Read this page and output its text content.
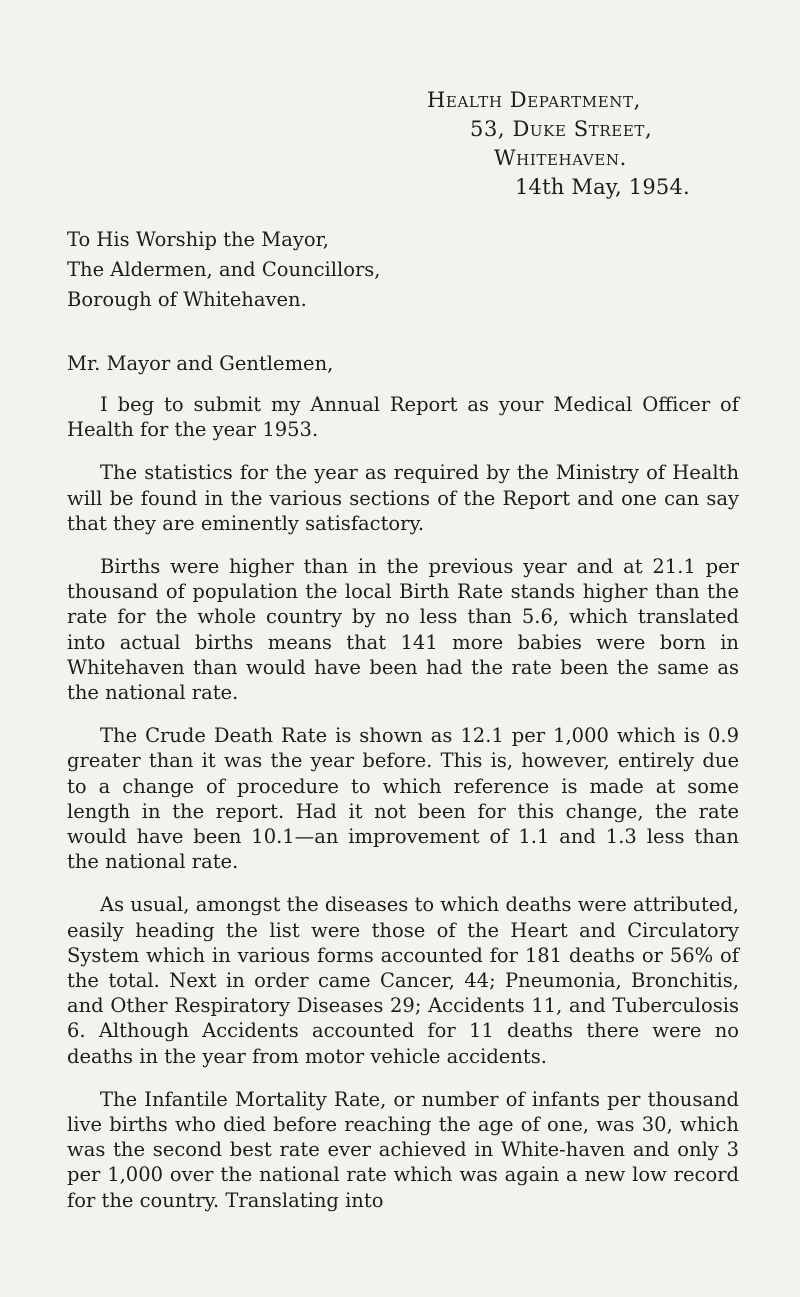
Health Department,
53, Duke Street,
Whitehaven.
14th May, 1954.
To His Worship the Mayor,
The Aldermen, and Councillors,
Borough of Whitehaven.
Mr. Mayor and Gentlemen,

I beg to submit my Annual Report as your Medical Officer of Health for the year 1953.

The statistics for the year as required by the Ministry of Health will be found in the various sections of the Report and one can say that they are eminently satisfactory.

Births were higher than in the previous year and at 21.1 per thousand of population the local Birth Rate stands higher than the rate for the whole country by no less than 5.6, which translated into actual births means that 141 more babies were born in Whitehaven than would have been had the rate been the same as the national rate.

The Crude Death Rate is shown as 12.1 per 1,000 which is 0.9 greater than it was the year before. This is, however, entirely due to a change of procedure to which reference is made at some length in the report. Had it not been for this change, the rate would have been 10.1—an improvement of 1.1 and 1.3 less than the national rate.

As usual, amongst the diseases to which deaths were attributed, easily heading the list were those of the Heart and Circulatory System which in various forms accounted for 181 deaths or 56% of the total. Next in order came Cancer, 44; Pneumonia, Bronchitis, and Other Respiratory Diseases 29; Accidents 11, and Tuberculosis 6. Although Accidents accounted for 11 deaths there were no deaths in the year from motor vehicle accidents.

The Infantile Mortality Rate, or number of infants per thousand live births who died before reaching the age of one, was 30, which was the second best rate ever achieved in White-haven and only 3 per 1,000 over the national rate which was again a new low record for the country. Translating into
